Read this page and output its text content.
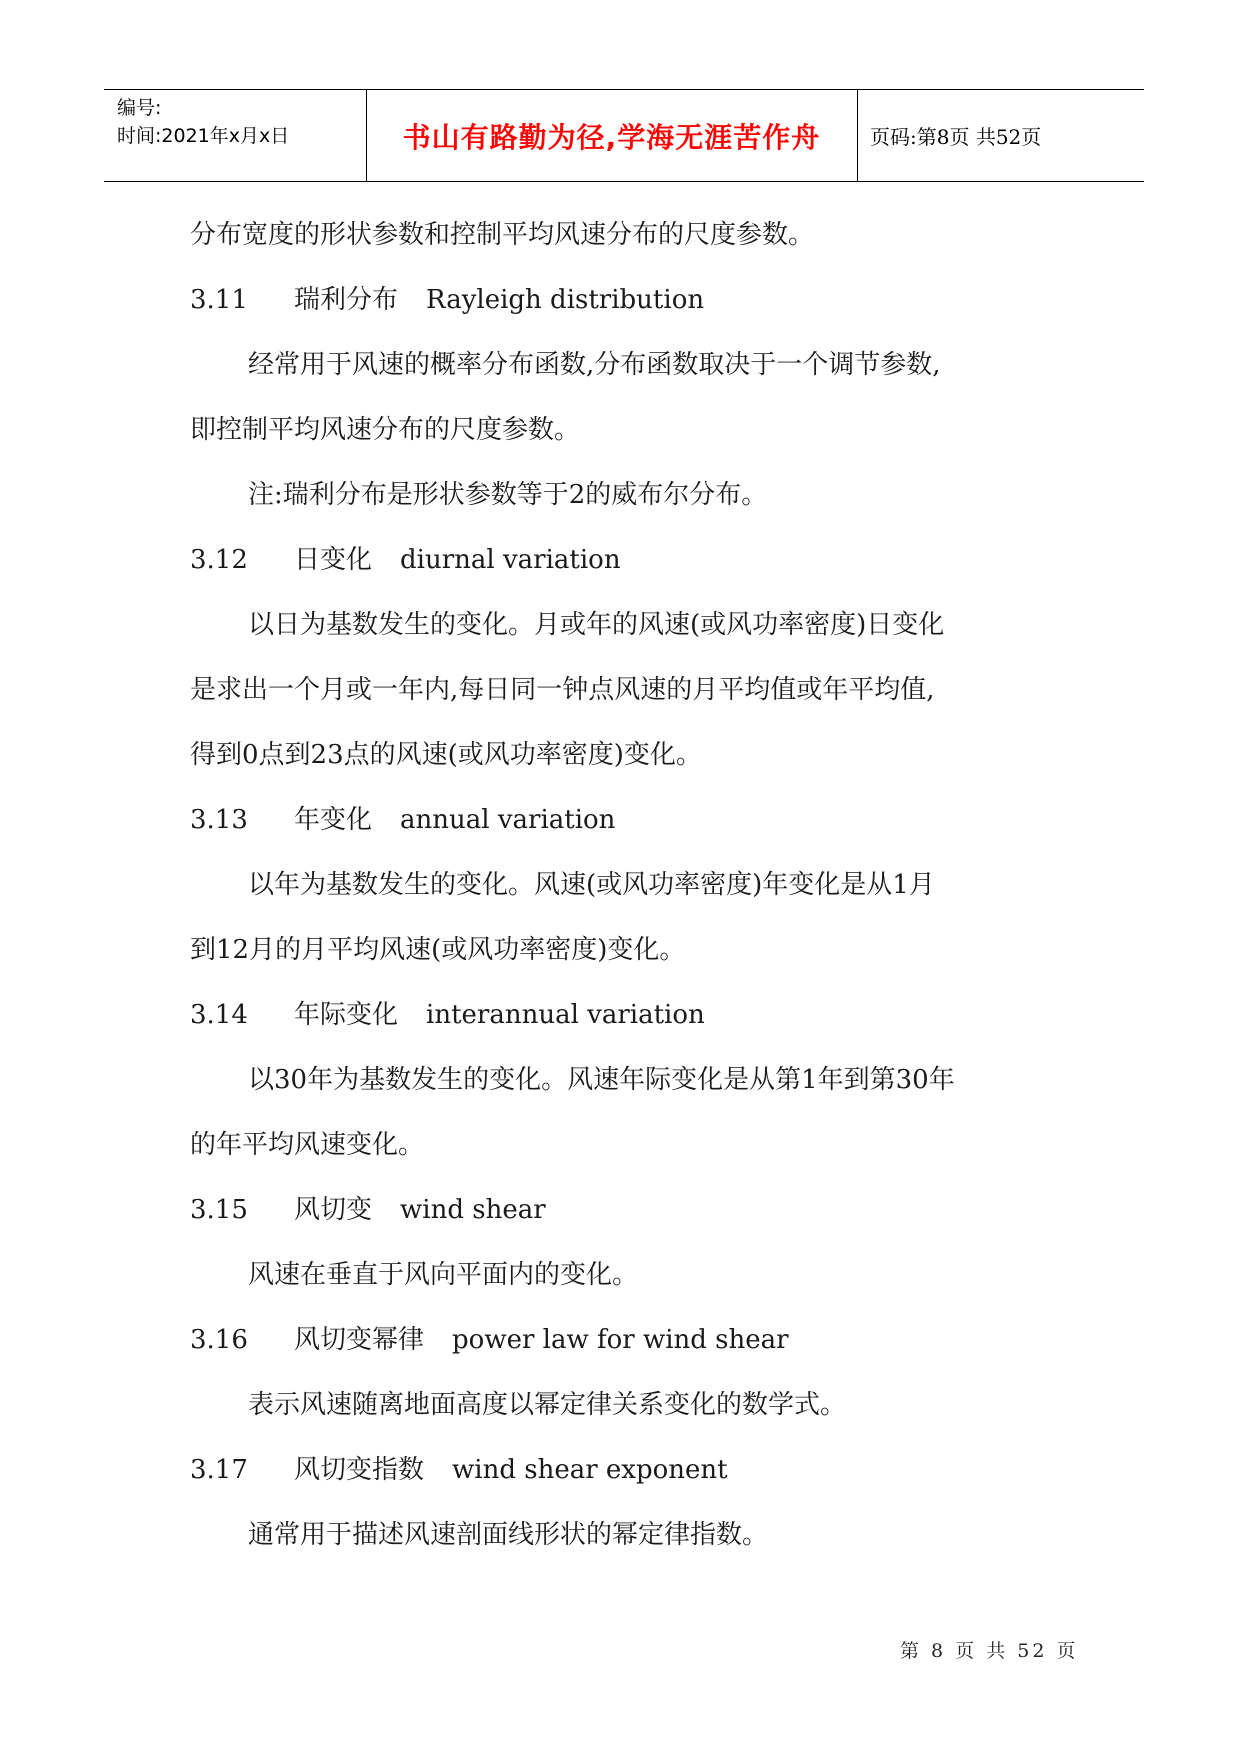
编号:
时间:2021年x月x日	书山有路勤为径,学海无涯苦作舟	页码:第8页 共52页
分布宽度的形状参数和控制平均风速分布的尺度参数。
3.11 瑞利分布 Rayleigh distribution
经常用于风速的概率分布函数,分布函数取决于一个调节参数,
即控制平均风速分布的尺度参数。
注:瑞利分布是形状参数等于2的威布尔分布。
3.12 日变化 diurnal variation
以日为基数发生的变化。月或年的风速(或风功率密度)日变化
是求出一个月或一年内,每日同一钟点风速的月平均值或年平均值,
得到0点到23点的风速(或风功率密度)变化。
3.13 年变化 annual variation
以年为基数发生的变化。风速(或风功率密度)年变化是从1月
到12月的月平均风速(或风功率密度)变化。
3.14 年际变化 interannual variation
以30年为基数发生的变化。风速年际变化是从第1年到第30年
的年平均风速变化。
3.15 风切变 wind shear
风速在垂直于风向平面内的变化。
3.16 风切变幂律 power law for wind shear
表示风速随离地面高度以幂定律关系变化的数学式。
3.17 风切变指数 wind shear exponent
通常用于描述风速剖面线形状的幂定律指数。
第 8 页 共 52 页
